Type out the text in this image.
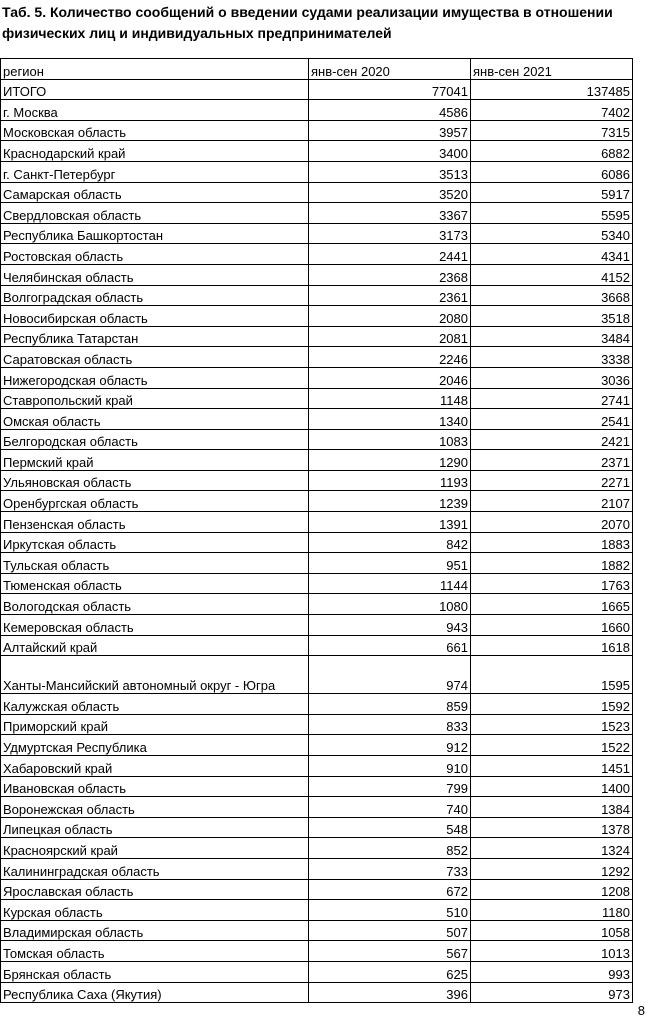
Таб. 5. Количество сообщений о введении судами реализации имущества в отношении физических лиц и индивидуальных предпринимателей
регион	янв-сен 2020	янв-сен 2021
ИТОГО	77041	137485
г. Москва	4586	7402
Московская область	3957	7315
Краснодарский край	3400	6882
г. Санкт-Петербург	3513	6086
Самарская область	3520	5917
Свердловская область	3367	5595
Республика Башкортостан	3173	5340
Ростовская область	2441	4341
Челябинская область	2368	4152
Волгоградская область	2361	3668
Новосибирская область	2080	3518
Республика Татарстан	2081	3484
Саратовская область	2246	3338
Нижегородская область	2046	3036
Ставропольский край	1148	2741
Омская область	1340	2541
Белгородская область	1083	2421
Пермский край	1290	2371
Ульяновская область	1193	2271
Оренбургская область	1239	2107
Пензенская область	1391	2070
Иркутская область	842	1883
Тульская область	951	1882
Тюменская область	1144	1763
Вологодская область	1080	1665
Кемеровская область	943	1660
Алтайский край	661	1618
Ханты-Мансийский автономный округ - Югра	974	1595
Калужская область	859	1592
Приморский край	833	1523
Удмуртская Республика	912	1522
Хабаровский край	910	1451
Ивановская область	799	1400
Воронежская область	740	1384
Липецкая область	548	1378
Красноярский край	852	1324
Калининградская область	733	1292
Ярославская область	672	1208
Курская область	510	1180
Владимирская область	507	1058
Томская область	567	1013
Брянская область	625	993
Республика Саха (Якутия)	396	973
8
